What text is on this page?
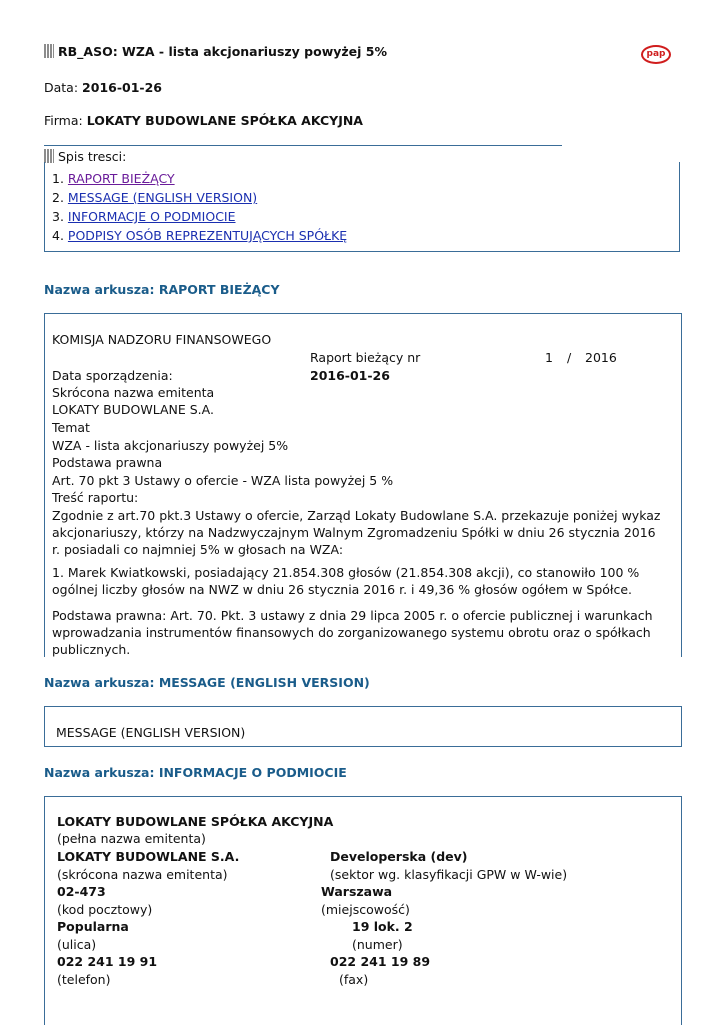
RB_ASO: WZA - lista akcjonariuszy powyżej 5%	pap
Data: 2016-01-26
Firma: LOKATY BUDOWLANE SPÓŁKA AKCYJNA
Spis tresci:
1. RAPORT BIEŻĄCY
2. MESSAGE (ENGLISH VERSION)
3. INFORMACJE O PODMIOCIE
4. PODPISY OSÓB REPREZENTUJĄCYCH SPÓŁKĘ
Nazwa arkusza: RAPORT BIEŻĄCY
KOMISJA NADZORU FINANSOWEGO
Raport bieżący nr	1 / 2016
Data sporządzenia:	2016-01-26
Skrócona nazwa emitenta
LOKATY BUDOWLANE S.A.
Temat
WZA - lista akcjonariuszy powyżej 5%
Podstawa prawna
Art. 70 pkt 3 Ustawy o ofercie - WZA lista powyżej 5 %
Treść raportu:
Zgodnie z art.70 pkt.3 Ustawy o ofercie, Zarząd Lokaty Budowlane S.A. przekazuje poniżej wykaz akcjonariuszy, którzy na Nadzwyczajnym Walnym Zgromadzeniu Spółki w dniu 26 stycznia 2016 r. posiadali co najmniej 5% w głosach na WZA:
1. Marek Kwiatkowski, posiadający 21.854.308 głosów (21.854.308 akcji), co stanowiło 100 % ogólnej liczby głosów na NWZ w dniu 26 stycznia 2016 r. i 49,36 % głosów ogółem w Spółce.
Podstawa prawna: Art. 70. Pkt. 3 ustawy z dnia 29 lipca 2005 r. o ofercie publicznej i warunkach wprowadzania instrumentów finansowych do zorganizowanego systemu obrotu oraz o spółkach publicznych.
Nazwa arkusza: MESSAGE (ENGLISH VERSION)
MESSAGE (ENGLISH VERSION)
Nazwa arkusza: INFORMACJE O PODMIOCIE
LOKATY BUDOWLANE SPÓŁKA AKCYJNA
(pełna nazwa emitenta)
LOKATY BUDOWLANE S.A.	Developerska (dev)
(skrócona nazwa emitenta)	(sektor wg. klasyfikacji GPW w W-wie)
02-473	Warszawa
(kod pocztowy)	(miejscowość)
Popularna	19 lok. 2
(ulica)	(numer)
022 241 19 91	022 241 19 89
(telefon)	(fax)
